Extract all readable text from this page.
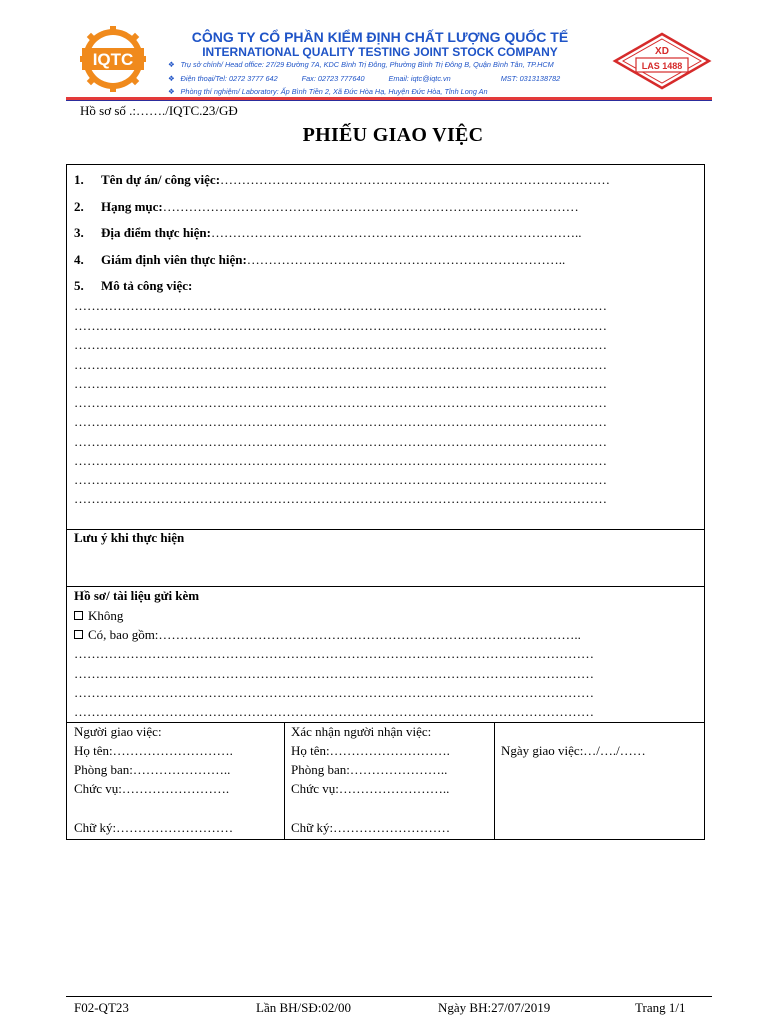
IQTC
CÔNG TY CỔ PHẦN KIỂM ĐỊNH CHẤT LƯỢNG QUỐC TẾ
INTERNATIONAL QUALITY TESTING JOINT STOCK COMPANY
❖ Trụ sở chính/ Head office: 27/29 Đường 7A, KDC Bình Trị Đông, Phường Bình Trị Đông B, Quận Bình Tân, TP.HCM
❖ Điện thoại/Tel: 0272 3777 642	Fax: 02723 777640	Email: iqtc@iqtc.vn	MST: 0313138782
❖ Phòng thí nghiệm/ Laboratory: Ấp Bình Tiền 2, Xã Đức Hòa Hạ, Huyện Đức Hòa, Tỉnh Long An
XD
LAS 1488
Hồ sơ số .:……./IQTC.23/GĐ
PHIẾU GIAO VIỆC
1. Tên dự án/ công việc:………………………………………………………………………………
2. Hạng mục:……………………………………………………………………………………
3. Địa điểm thực hiện:…………………………………………………………………………..
4. Giám định viên thực hiện:………………………………………………………………..
5. Mô tả công việc:
……………………………………………………………………………………………………………
……………………………………………………………………………………………………………
……………………………………………………………………………………………………………
……………………………………………………………………………………………………………
……………………………………………………………………………………………………………
……………………………………………………………………………………………………………
……………………………………………………………………………………………………………
……………………………………………………………………………………………………………
……………………………………………………………………………………………………………
……………………………………………………………………………………………………………
……………………………………………………………………………………………………………
Lưu ý khi thực hiện
Hồ sơ/ tài liệu gửi kèm
Không
Có, bao gồm:……………………………………………………………………………………..
…………………………………………………………………………………………………………
…………………………………………………………………………………………………………
…………………………………………………………………………………………………………
…………………………………………………………………………………………………………
Người giao việc:
Họ tên:……………………….
Phòng ban:…………………..
Chức vụ:…………………….
Chữ ký:………………………
Xác nhận người nhận việc:
Họ tên:……………………….
Phòng ban:…………………..
Chức vụ:……………………..
Chữ ký:………………………
Ngày giao việc:…/…./……
F02-QT23	Lần BH/SĐ:02/00	Ngày BH:27/07/2019	Trang 1/1
